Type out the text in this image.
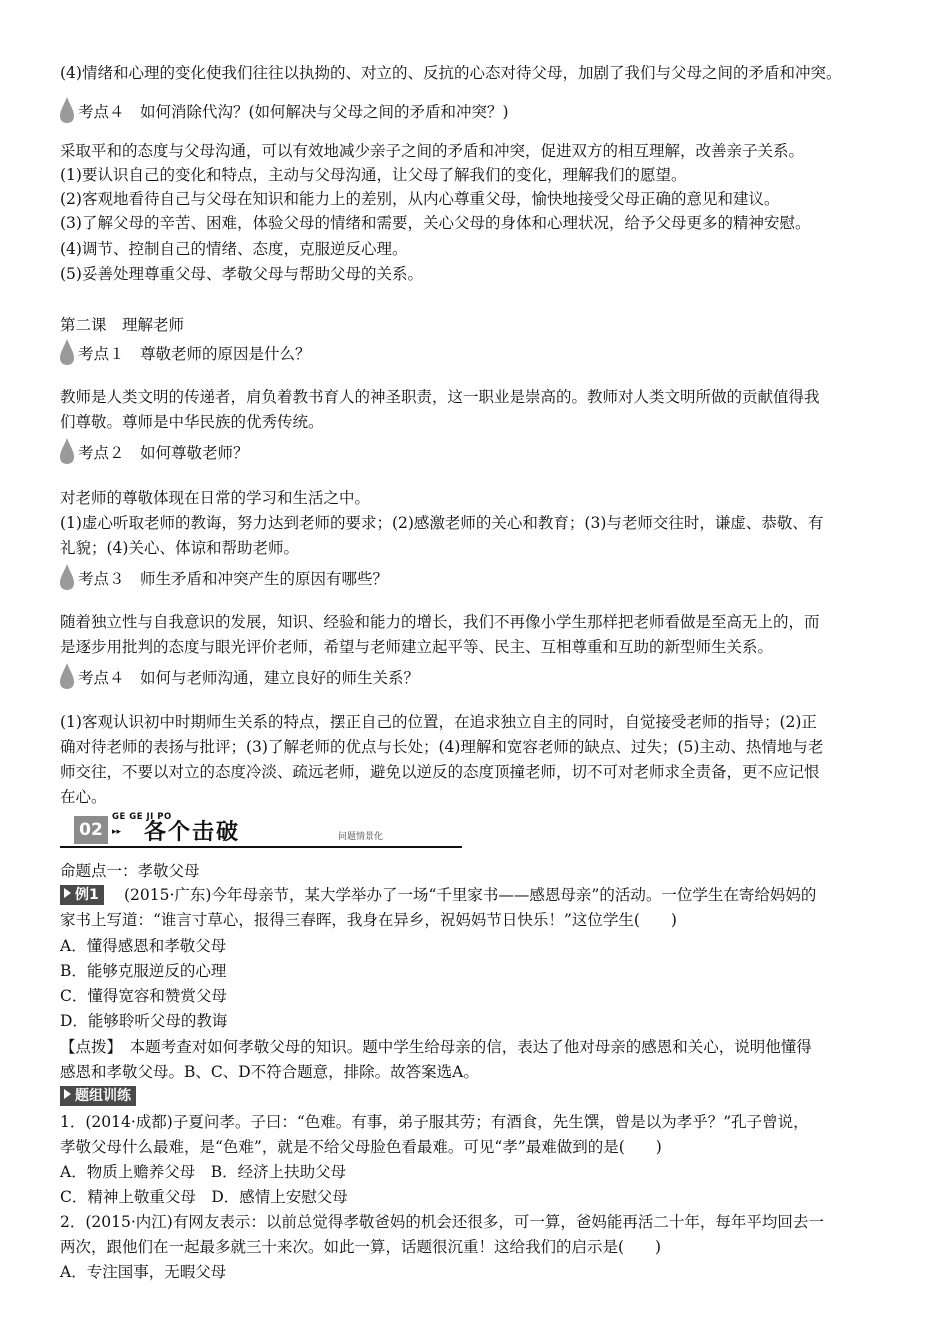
(4)情绪和心理的变化使我们往往以执拗的、对立的、反抗的心态对待父母，加剧了我们与父母之间的矛盾和冲突。
考点４　如何消除代沟？(如何解决与父母之间的矛盾和冲突？)
采取平和的态度与父母沟通，可以有效地减少亲子之间的矛盾和冲突，促进双方的相互理解，改善亲子关系。
(1)要认识自己的变化和特点，主动与父母沟通，让父母了解我们的变化，理解我们的愿望。
(2)客观地看待自己与父母在知识和能力上的差别，从内心尊重父母，愉快地接受父母正确的意见和建议。
(3)了解父母的辛苦、困难，体验父母的情绪和需要，关心父母的身体和心理状况，给予父母更多的精神安慰。
(4)调节、控制自己的情绪、态度，克服逆反心理。
(5)妥善处理尊重父母、孝敬父母与帮助父母的关系。
第二课　理解老师
考点１　尊敬老师的原因是什么？
教师是人类文明的传递者，肩负着教书育人的神圣职责，这一职业是崇高的。教师对人类文明所做的贡献值得我
们尊敬。尊师是中华民族的优秀传统。
考点２　如何尊敬老师？
对老师的尊敬体现在日常的学习和生活之中。
(1)虚心听取老师的教诲，努力达到老师的要求；(2)感激老师的关心和教育；(3)与老师交往时，谦虚、恭敬、有
礼貌；(4)关心、体谅和帮助老师。
考点３　师生矛盾和冲突产生的原因有哪些？
随着独立性与自我意识的发展，知识、经验和能力的增长，我们不再像小学生那样把老师看做是至高无上的，而
是逐步用批判的态度与眼光评价老师，希望与老师建立起平等、民主、互相尊重和互助的新型师生关系。
考点４　如何与老师沟通，建立良好的师生关系？
(1)客观认识初中时期师生关系的特点，摆正自己的位置，在追求独立自主的同时，自觉接受老师的指导；(2)正
确对待老师的表扬与批评；(3)了解老师的优点与长处；(4)理解和宽容老师的缺点、过失；(5)主动、热情地与老
师交往，不要以对立的态度冷淡、疏远老师，避免以逆反的态度顶撞老师，切不可对老师求全责备，更不应记恨
在心。
02
GE GE JI PO
▸▸ 各个击破	问题情景化
命题点一：孝敬父母
例1	(2015·广东)今年母亲节，某大学举办了一场“千里家书——感恩母亲”的活动。一位学生在寄给妈妈的
家书上写道：“谁言寸草心，报得三春晖，我身在异乡，祝妈妈节日快乐！”这位学生(　　)
A．懂得感恩和孝敬父母
B．能够克服逆反的心理
C．懂得宽容和赞赏父母
D．能够聆听父母的教诲
【点拨】　本题考查对如何孝敬父母的知识。题中学生给母亲的信，表达了他对母亲的感恩和关心，说明他懂得
感恩和孝敬父母。B、C、D不符合题意，排除。故答案选A。
题组训练
1．(2014·成都)子夏问孝。子曰：“色难。有事，弟子服其劳；有酒食，先生馔，曾是以为孝乎？”孔子曾说，
孝敬父母什么最难，是“色难”，就是不给父母脸色看最难。可见“孝”最难做到的是(　　)
A．物质上赡养父母　B．经济上扶助父母
C．精神上敬重父母　D．感情上安慰父母
2．(2015·内江)有网友表示：以前总觉得孝敬爸妈的机会还很多，可一算，爸妈能再活二十年，每年平均回去一
两次，跟他们在一起最多就三十来次。如此一算，话题很沉重！这给我们的启示是(　　)
A．专注国事，无暇父母
